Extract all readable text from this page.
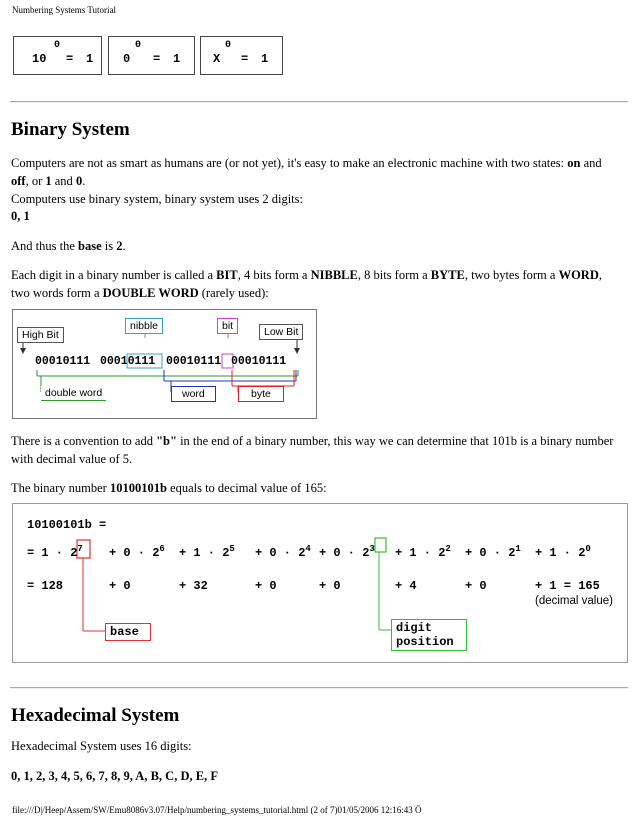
Numbering Systems Tutorial
10
0
= 1 0
0
= 1	X
0
= 1
Binary System
Computers are not as smart as humans are (or not yet), it's easy to make an electronic machine with two states: on and
off, or 1 and 0.
Computers use binary system, binary system uses 2 digits:
0, 1
And thus the base is 2.
Each digit in a binary number is called a BIT, 4 bits form a NIBBLE, 8 bits form a BYTE, two bytes form a WORD,
two words form a DOUBLE WORD (rarely used):
High Bit
nibble	bit	Low Bit
00010111 00010111 00010111 00010111
double word	word	byte
There is a convention to add "b" in the end of a binary number, this way we can determine that 101b is a binary number
with decimal value of 5.
The binary number 10100101b equals to decimal value of 165:
10100101b =
= $1 \cdot 2^7 + 0 \cdot 2^6 + 1 \cdot 2^5 + 0 \cdot 2^4 + 0 \cdot 2^3 + 1 \cdot 2^2 + 0 \cdot 2^1 + 1 \cdot 2^0$
= 128	+ 0	+ 32	+ 0	+ 0	+ 4	+ 0	+ 1 = 165
(decimal value)
base	digit
position
Hexadecimal System
Hexadecimal System uses 16 digits:
0, 1, 2, 3, 4, 5, 6, 7, 8, 9, A, B, C, D, E, F
file:///D|/Heep/Assem/SW/Emu8086v3.07/Help/numbering_systems_tutorial.html (2 of 7)01/05/2006 12:16:43 Ö
